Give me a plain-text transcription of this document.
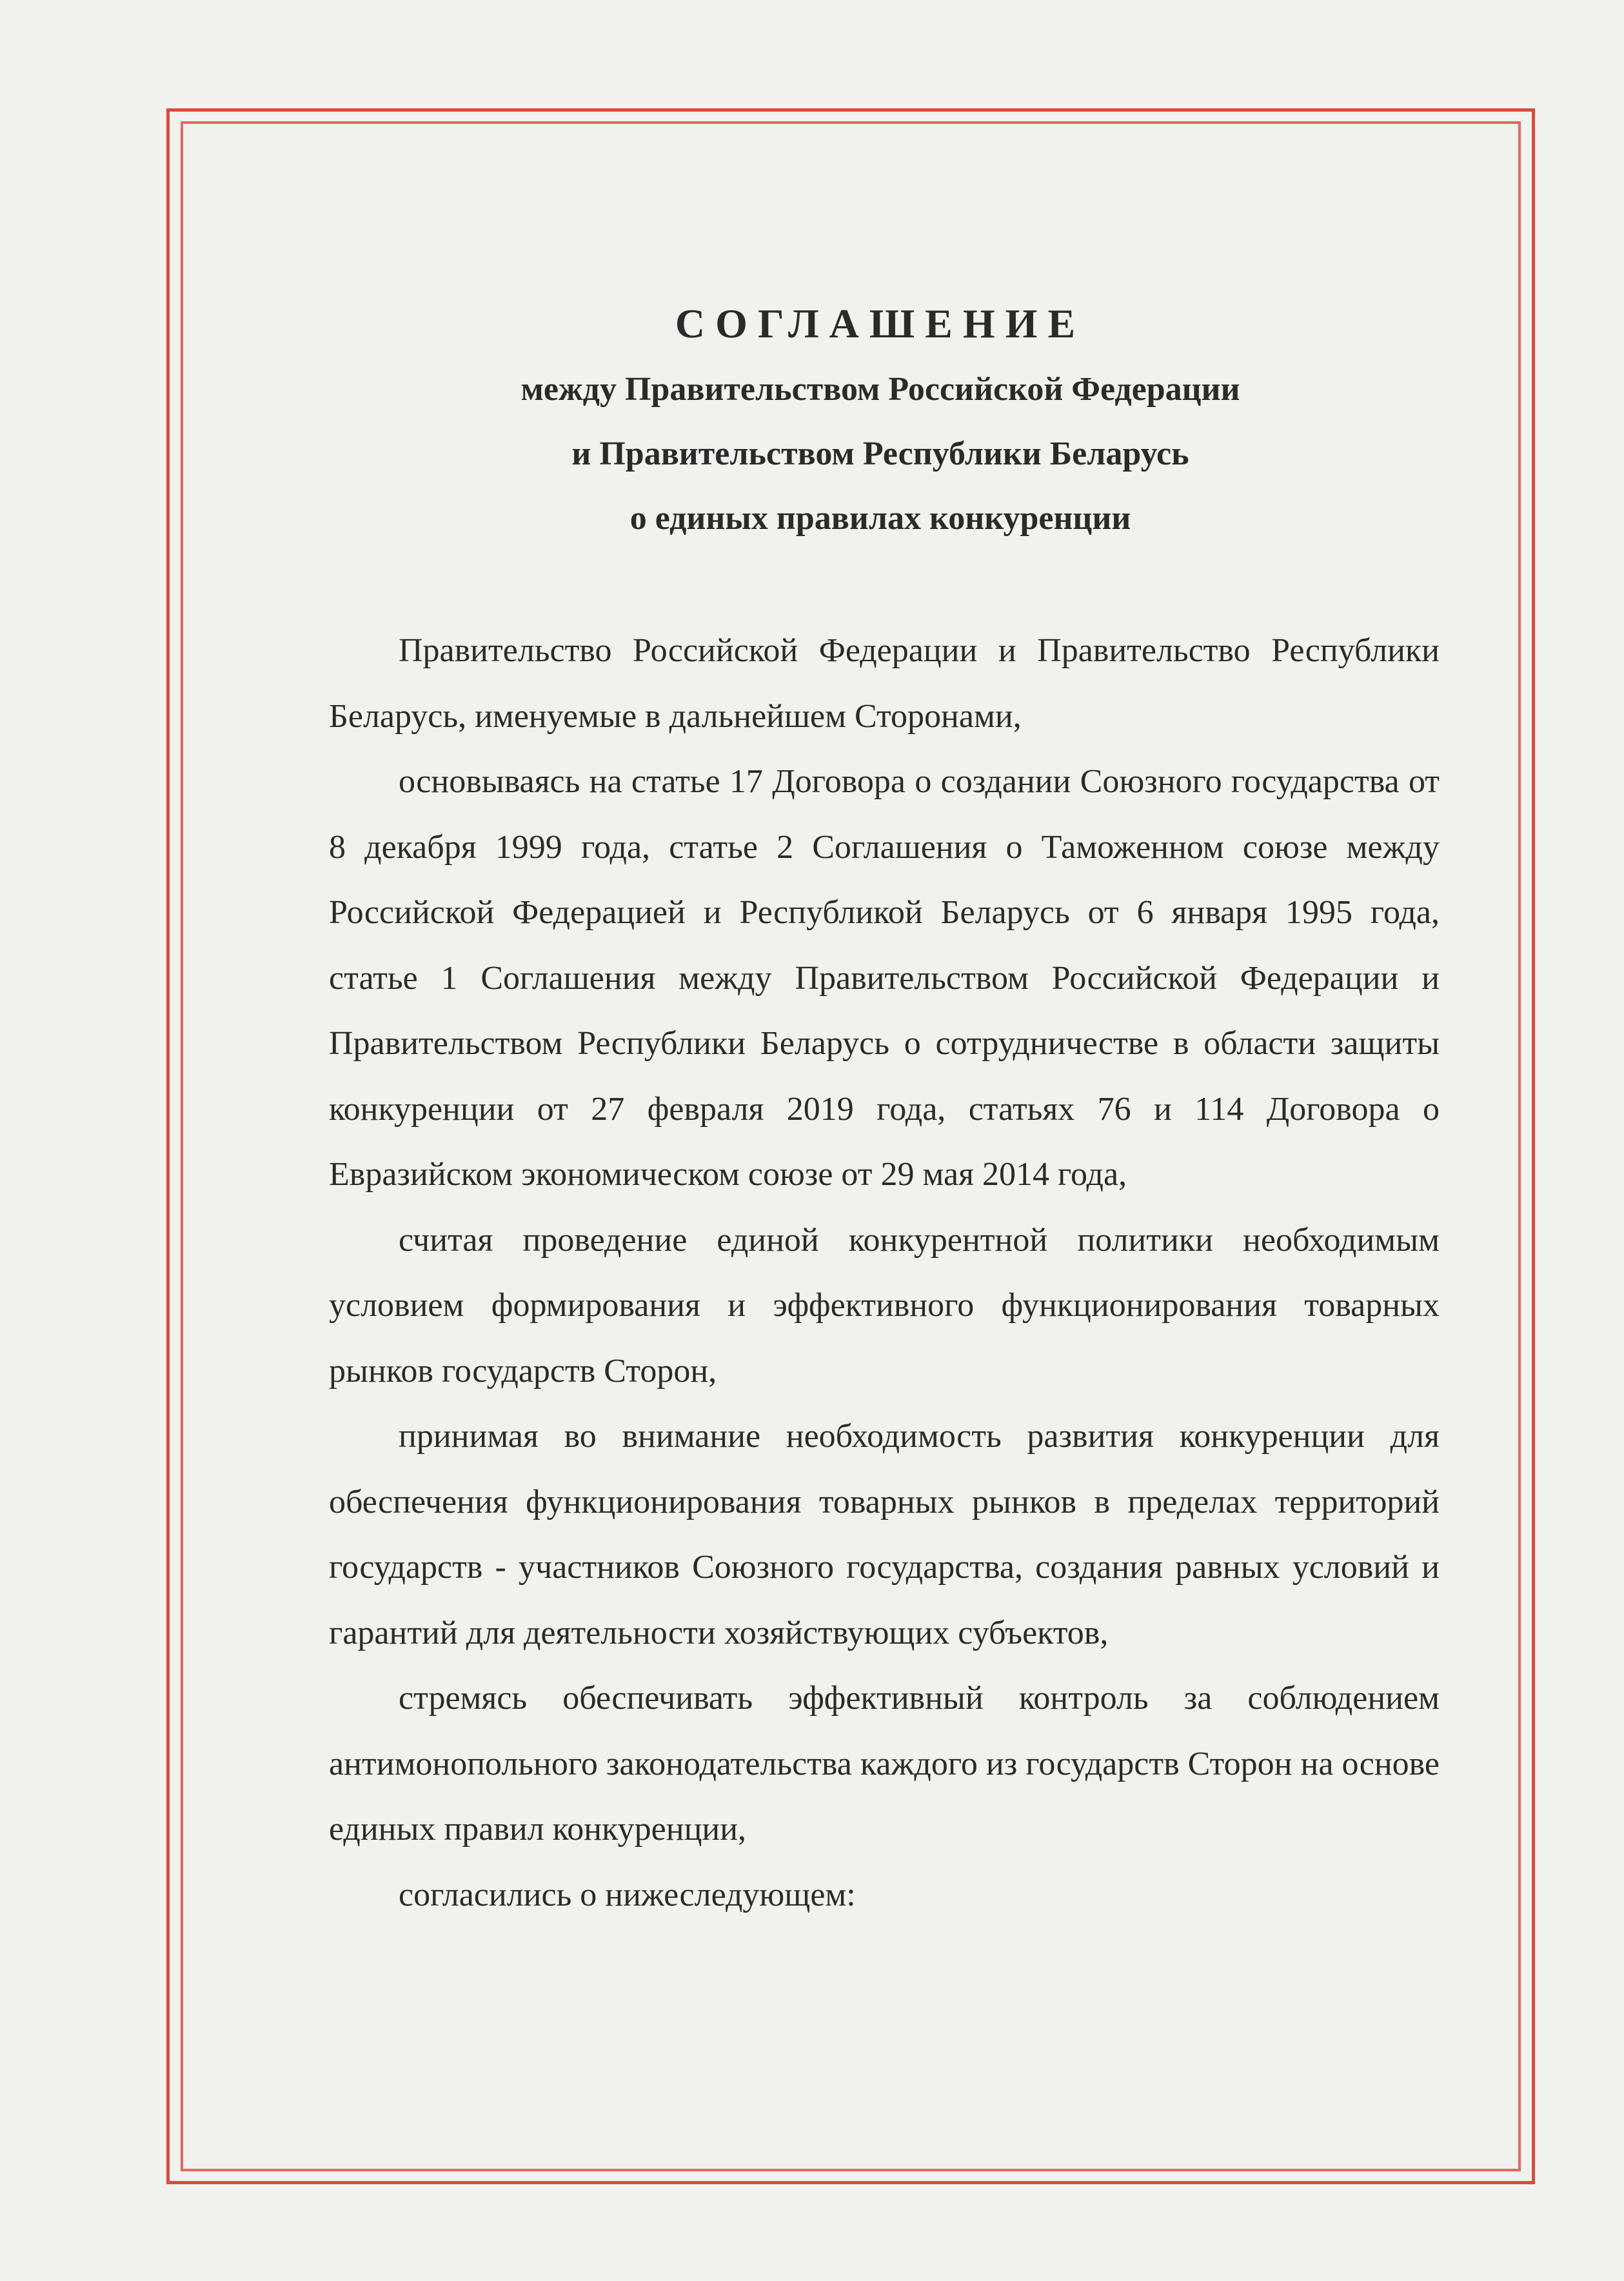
СОГЛАШЕНИЕ
между Правительством Российской Федерации
и Правительством Республики Беларусь
о единых правилах конкуренции

Правительство Российской Федерации и Правительство Республики Беларусь, именуемые в дальнейшем Сторонами,

основываясь на статье 17 Договора о создании Союзного государства от 8 декабря 1999 года, статье 2 Соглашения о Таможенном союзе между Российской Федерацией и Республикой Беларусь от 6 января 1995 года, статье 1 Соглашения между Правительством Российской Федерации и Правительством Республики Беларусь о сотрудничестве в области защиты конкуренции от 27 февраля 2019 года, статьях 76 и 114 Договора о Евразийском экономическом союзе от 29 мая 2014 года,

считая проведение единой конкурентной политики необходимым условием формирования и эффективного функционирования товарных рынков государств Сторон,

принимая во внимание необходимость развития конкуренции для обеспечения функционирования товарных рынков в пределах территорий государств - участников Союзного государства, создания равных условий и гарантий для деятельности хозяйствующих субъектов,

стремясь обеспечивать эффективный контроль за соблюдением антимонопольного законодательства каждого из государств Сторон на основе единых правил конкуренции,

согласились о нижеследующем:
